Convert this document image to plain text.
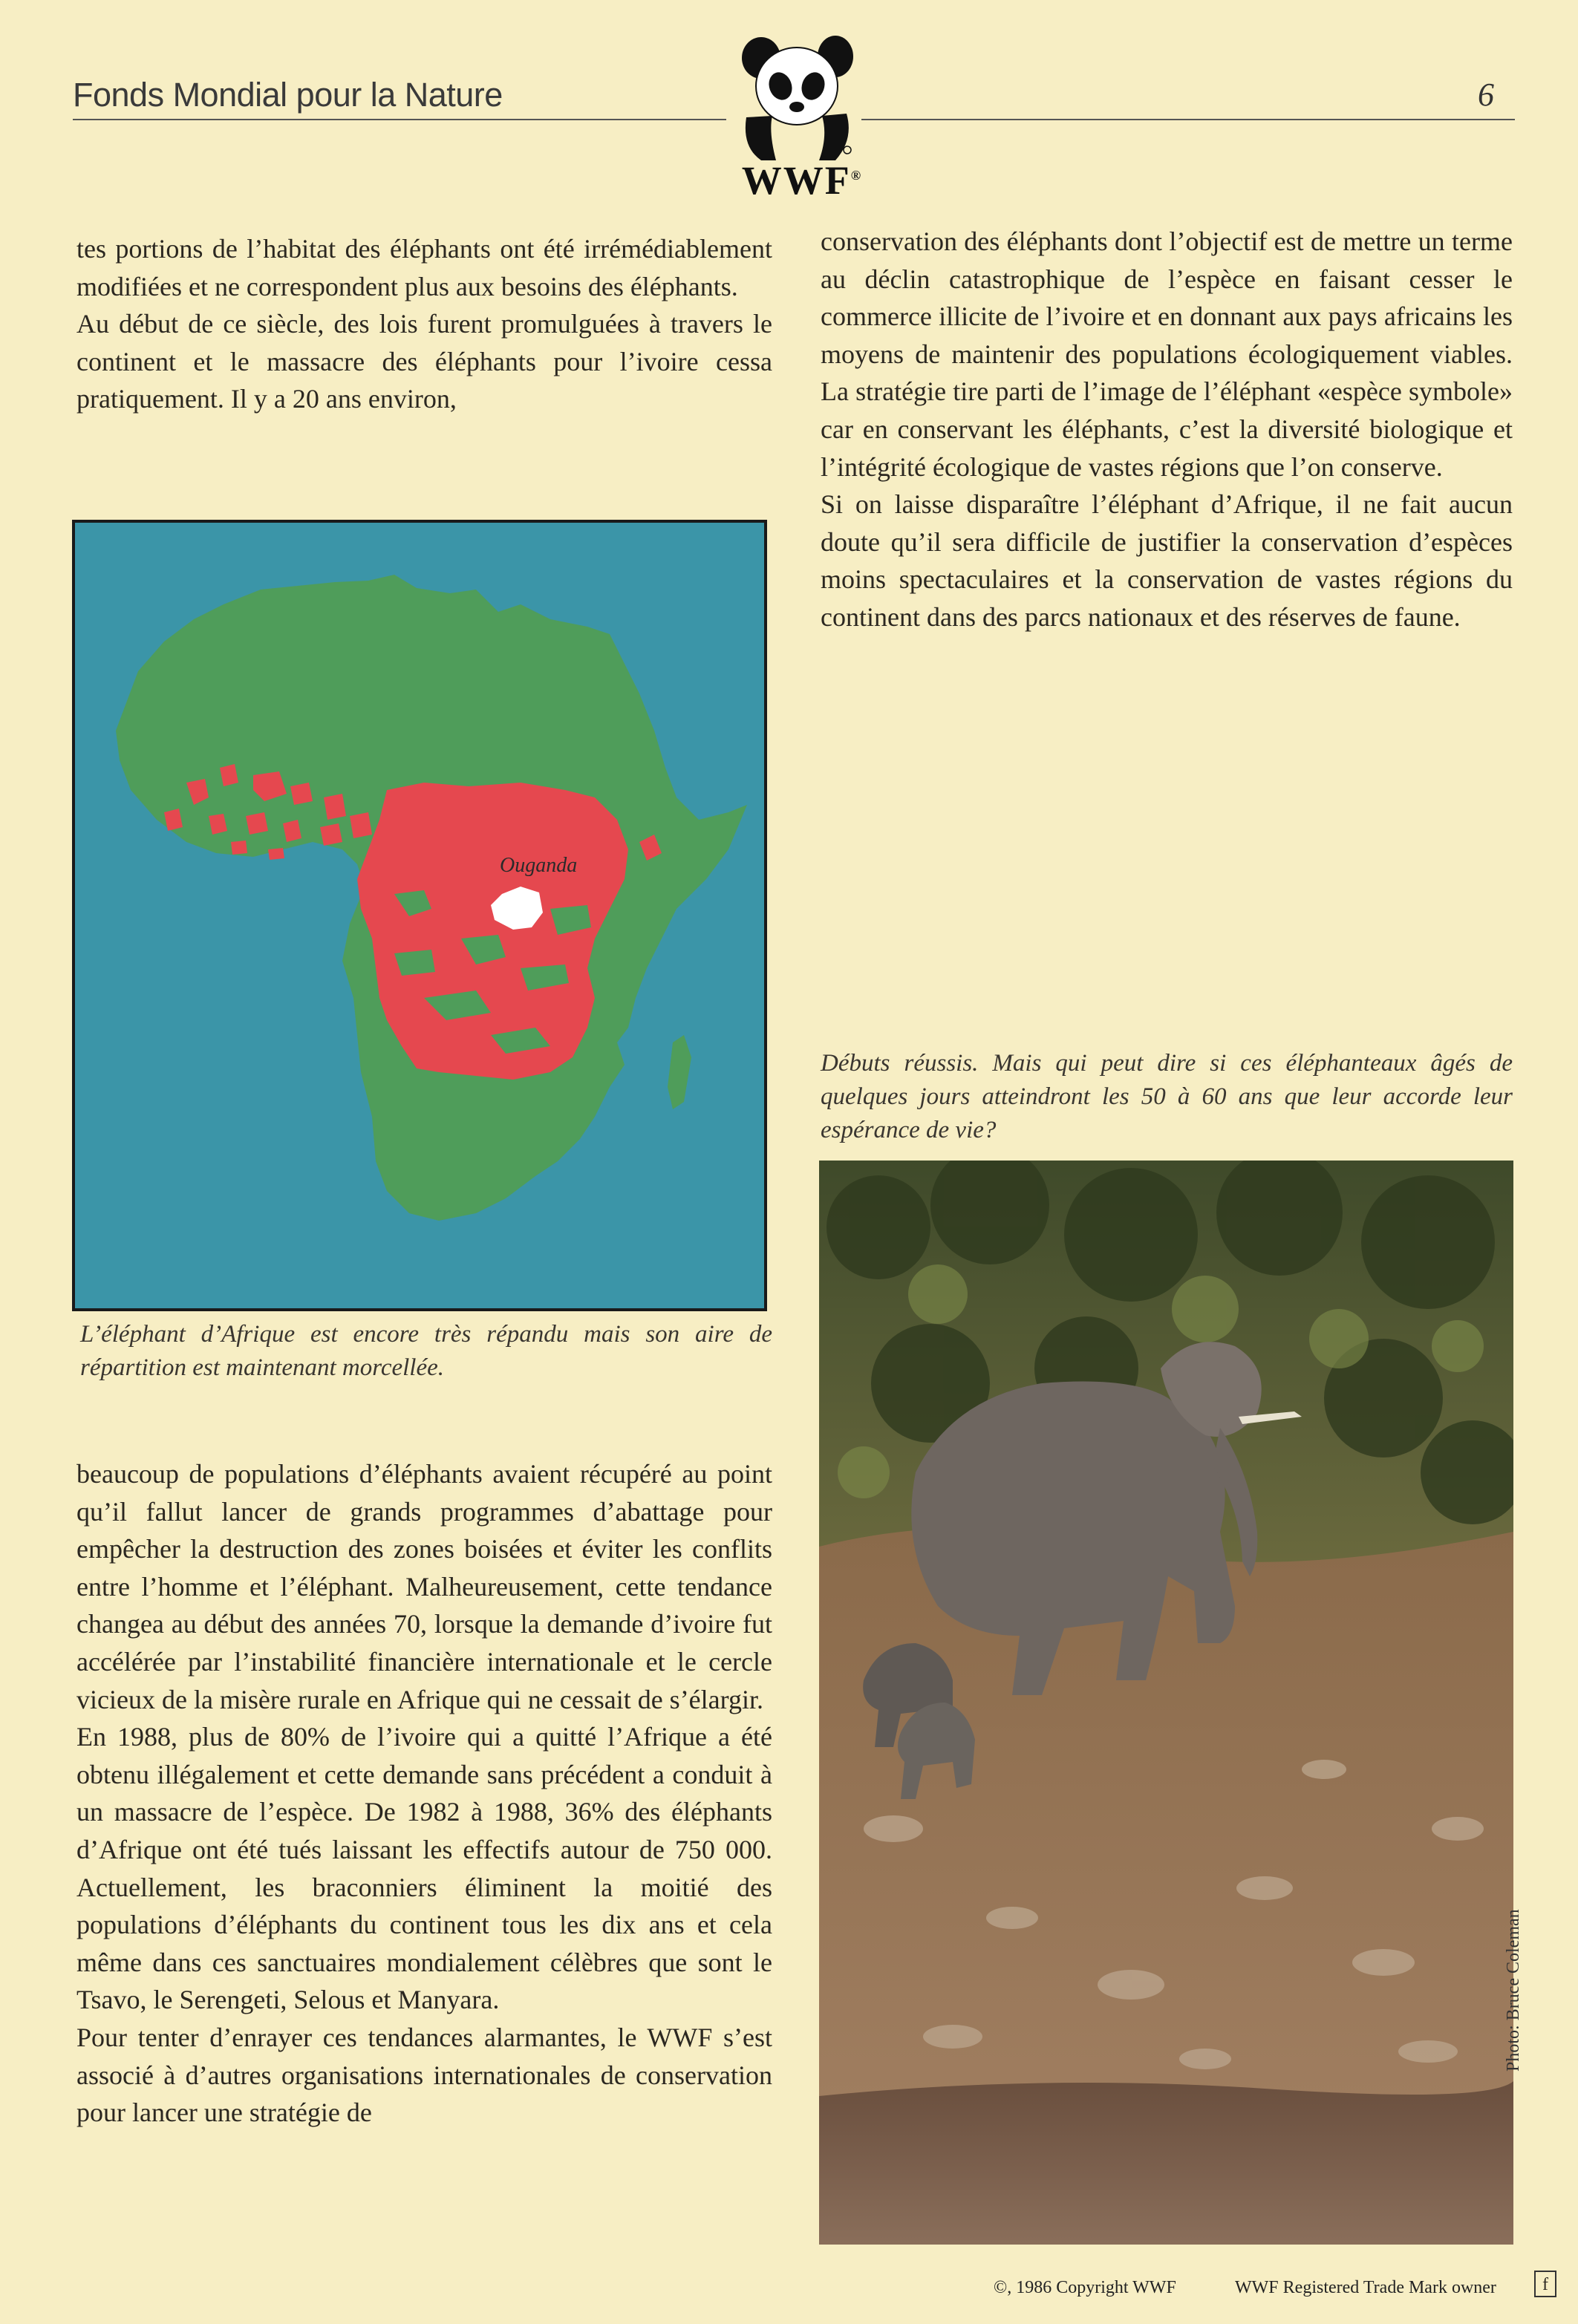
Fonds Mondial pour la Nature	6
WWF®

tes portions de l’habitat des éléphants ont été irrémédiablement modifiées et ne correspondent plus aux besoins des éléphants.

Au début de ce siècle, des lois furent promulguées à travers le continent et le massacre des éléphants pour l’ivoire cessa pratiquement. Il y a 20 ans environ,

Ouganda

L’éléphant d’Afrique est encore très répandu mais son aire de répartition est maintenant morcellée.

beaucoup de populations d’éléphants avaient récupéré au point qu’il fallut lancer de grands programmes d’abattage pour empêcher la destruction des zones boisées et éviter les conflits entre l’homme et l’éléphant. Malheureusement, cette tendance changea au début des années 70, lorsque la demande d’ivoire fut accélérée par l’instabilité financière internationale et le cercle vicieux de la misère rurale en Afrique qui ne cessait de s’élargir.

En 1988, plus de 80% de l’ivoire qui a quitté l’Afrique a été obtenu illégalement et cette demande sans précédent a conduit à un massacre de l’espèce. De 1982 à 1988, 36% des éléphants d’Afrique ont été tués laissant les effectifs autour de 750 000. Actuellement, les braconniers éliminent la moitié des populations d’éléphants du continent tous les dix ans et cela même dans ces sanctuaires mondialement célèbres que sont le Tsavo, le Serengeti, Selous et Manyara.

Pour tenter d’enrayer ces tendances alarmantes, le WWF s’est associé à d’autres organisations internationales de conservation pour lancer une stratégie de

conservation des éléphants dont l’objectif est de mettre un terme au déclin catastrophique de l’espèce en faisant cesser le commerce illicite de l’ivoire et en donnant aux pays africains les moyens de maintenir des populations écologiquement viables. La stratégie tire parti de l’image de l’éléphant «espèce symbole» car en conservant les éléphants, c’est la diversité biologique et l’intégrité écologique de vastes régions que l’on conserve.

Si on laisse disparaître l’éléphant d’Afrique, il ne fait aucun doute qu’il sera difficile de justifier la conservation d’espèces moins spectaculaires et la conservation de vastes régions du continent dans des parcs nationaux et des réserves de faune.

Débuts réussis. Mais qui peut dire si ces éléphanteaux âgés de quelques jours atteindront les 50 à 60 ans que leur accorde leur espérance de vie?

Photo: Bruce Coleman
©, 1986 Copyright WWF	WWF Registered Trade Mark owner	f
